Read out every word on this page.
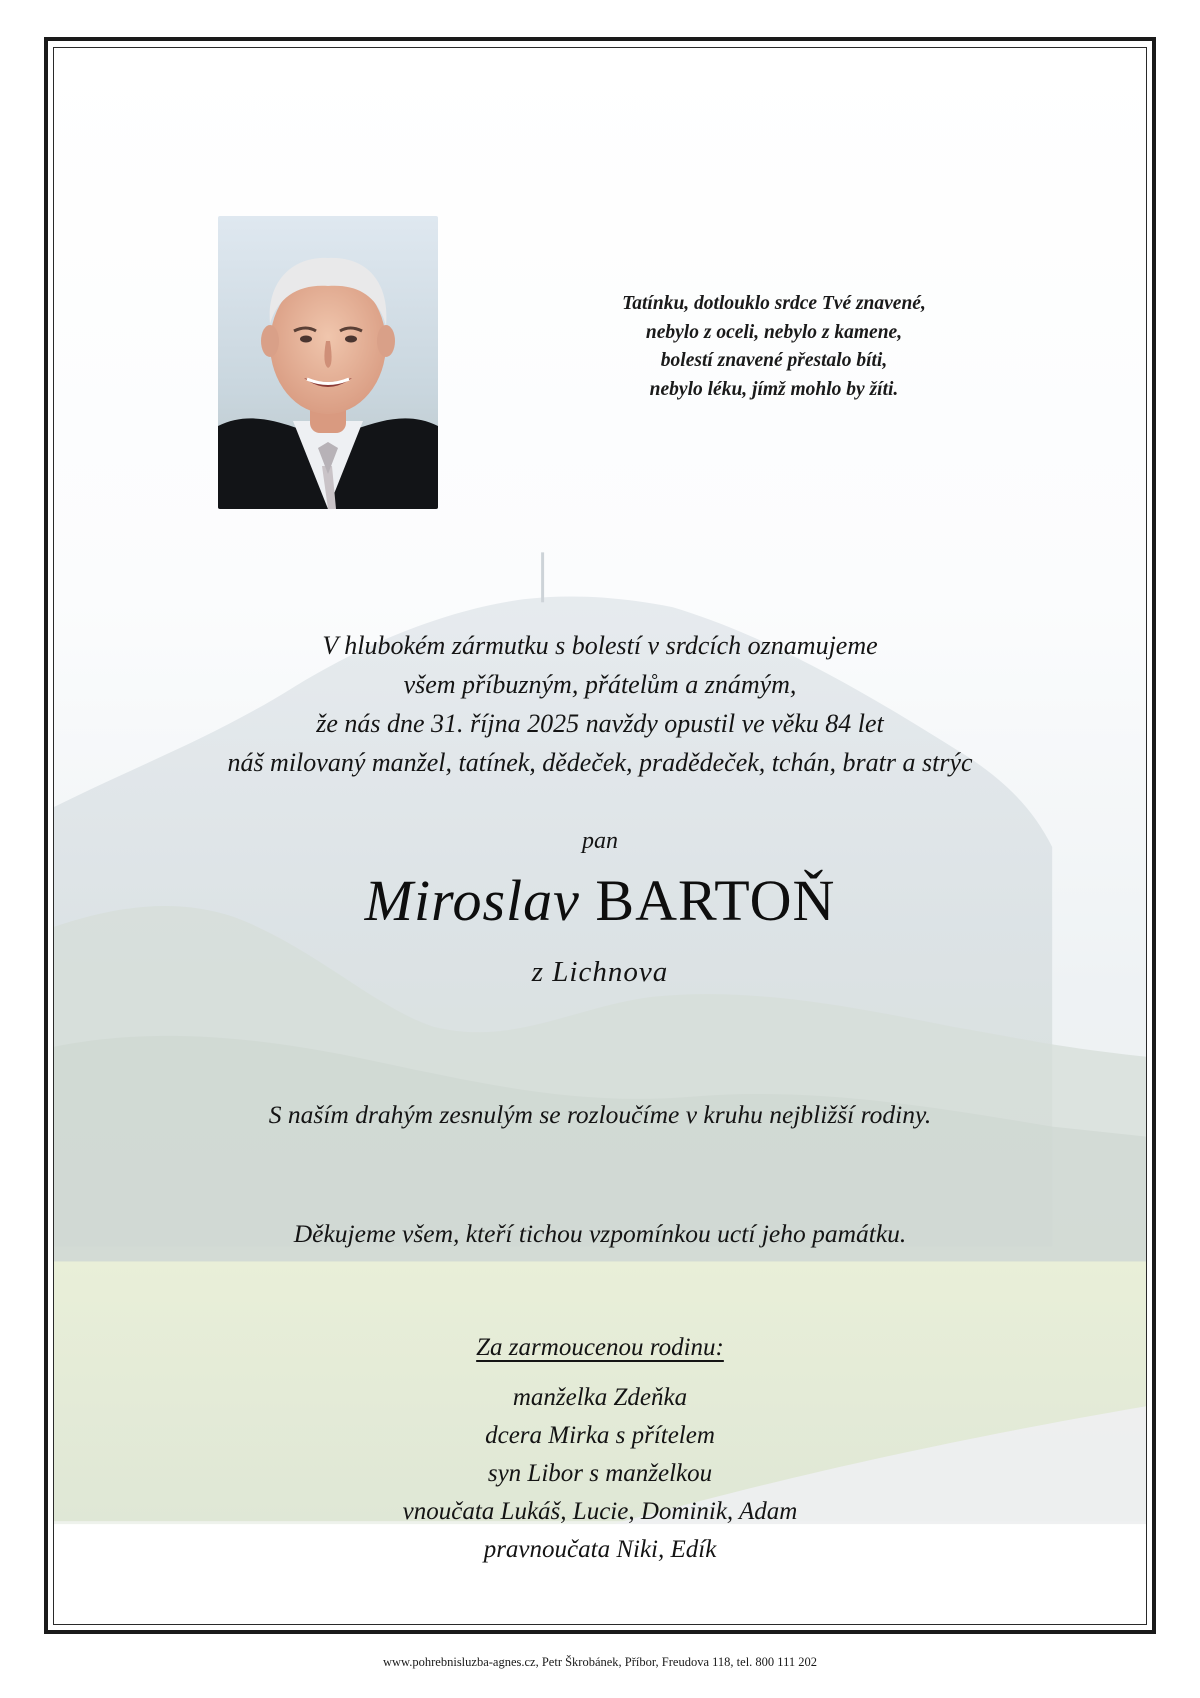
Tatínku, dotlouklo srdce Tvé znavené,
nebylo z oceli, nebylo z kamene,
bolestí znavené přestalo bíti,
nebylo léku, jímž mohlo by žíti.
V hlubokém zármutku s bolestí v srdcích oznamujeme
všem příbuzným, přátelům a známým,
že nás dne 31. října 2025 navždy opustil ve věku 84 let
náš milovaný manžel, tatínek, dědeček, pradědeček, tchán, bratr a strýc
pan
Miroslav BARTOŇ
z Lichnova
S naším drahým zesnulým se rozloučíme v kruhu nejbližší rodiny.
Děkujeme všem, kteří tichou vzpomínkou uctí jeho památku.
Za zarmoucenou rodinu:
manželka Zdeňka
dcera Mirka s přítelem
syn Libor s manželkou
vnoučata Lukáš, Lucie, Dominik, Adam
pravnoučata Niki, Edík
www.pohrebnisluzba-agnes.cz, Petr Škrobánek, Příbor, Freudova 118, tel. 800 111 202
